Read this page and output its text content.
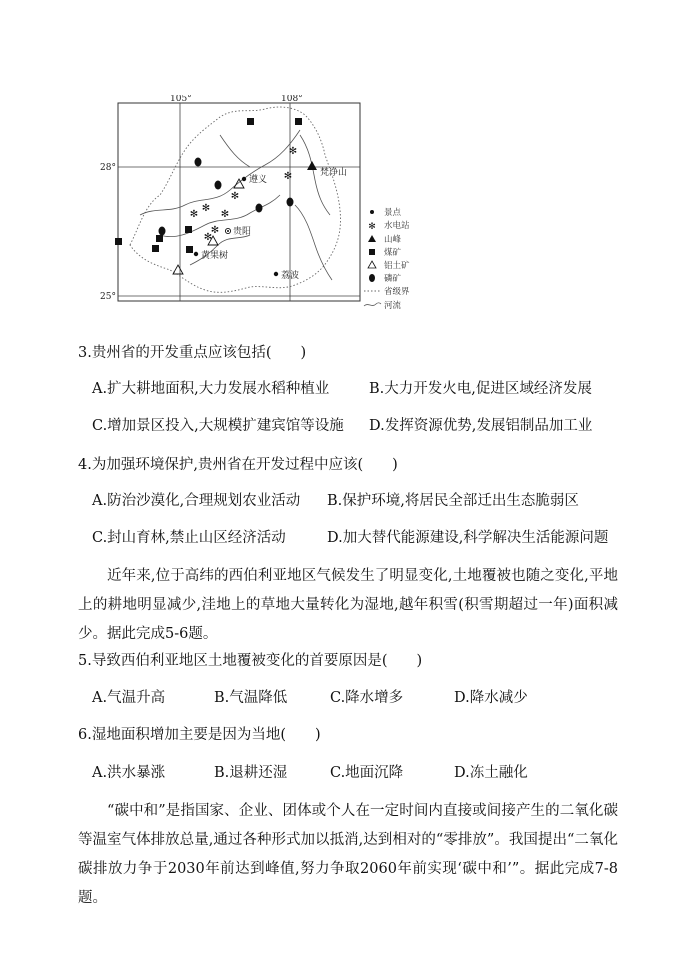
✻
✻
✻
✻
✻
✻
✻
✻
遵义
梵净山
贵阳
黄果树
荔波
105°	108°
28°
25°
景点
✻ 水电站
山峰
煤矿
铝土矿
磷矿
省级界
河流
3.贵州省的开发重点应该包括(　　)
A.扩大耕地面积,大力发展水稻种植业	B.大力开发火电,促进区域经济发展
C.增加景区投入,大规模扩建宾馆等设施 D.发挥资源优势,发展铝制品加工业
4.为加强环境保护,贵州省在开发过程中应该(　　)
A.防治沙漠化,合理规划农业活动 B.保护环境,将居民全部迁出生态脆弱区
C.封山育林,禁止山区经济活动	D.加大替代能源建设,科学解决生活能源问题
近年来,位于高纬的西伯利亚地区气候发生了明显变化,土地覆被也随之变化,平地上的耕地明显减少,洼地上的草地大量转化为湿地,越年积雪(积雪期超过一年)面积减少。据此完成5-6题。
5.导致西伯利亚地区土地覆被变化的首要原因是(　　)
A.气温升高	B.气温降低	C.降水增多	D.降水减少
6.湿地面积增加主要是因为当地(　　)
A.洪水暴涨	B.退耕还湿	C.地面沉降	D.冻土融化
“碳中和”是指国家、企业、团体或个人在一定时间内直接或间接产生的二氧化碳等温室气体排放总量,通过各种形式加以抵消,达到相对的“零排放”。我国提出“二氧化碳排放力争于2030年前达到峰值,努力争取2060年前实现‘碳中和’”。据此完成7-8题。
